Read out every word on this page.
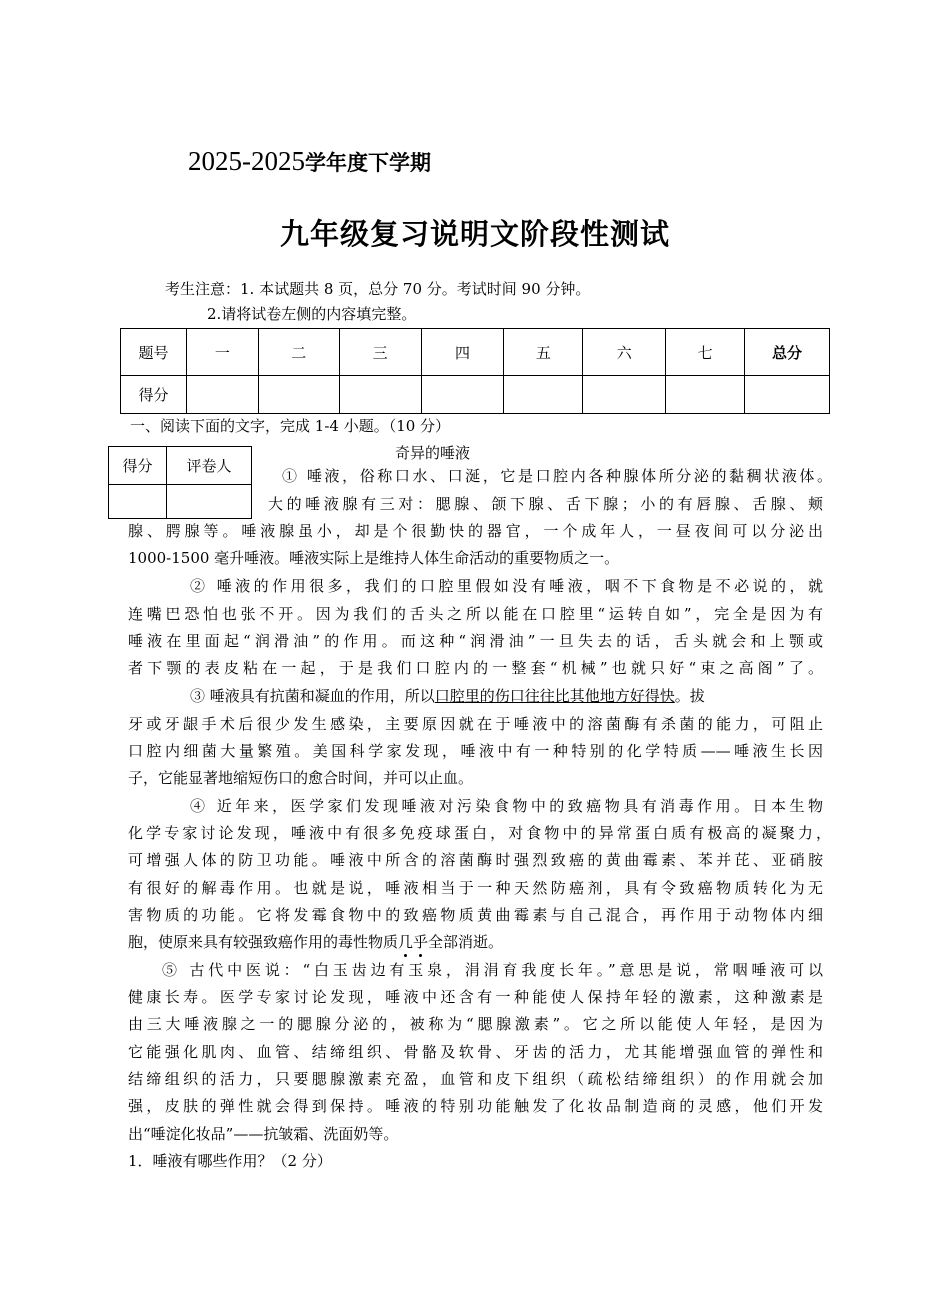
2025-2025学年度下学期
九年级复习说明文阶段性测试
考生注意：1. 本试题共 8 页，总分 70 分。考试时间 90 分钟。
2.请将试卷左侧的内容填完整。
题号	一	二	三	四	五	六	七	总分
得分								
一、阅读下面的文字，完成 1-4 小题。（10 分）
奇异的唾液
得分	评卷人

① 唾液，俗称口水、口涎，它是口腔内各种腺体所分泌的黏稠状液体。
大的唾液腺有三对：腮腺、颌下腺、舌下腺；小的有唇腺、舌腺、颊
腺、腭腺等。唾液腺虽小，却是个很勤快的器官，一个成年人，一昼夜间可以分泌出
1000-1500 毫升唾液。唾液实际上是维持人体生命活动的重要物质之一。
② 唾液的作用很多，我们的口腔里假如没有唾液，咽不下食物是不必说的，就
连嘴巴恐怕也张不开。因为我们的舌头之所以能在口腔里“运转自如”，完全是因为有
唾液在里面起“润滑油”的作用。而这种“润滑油”一旦失去的话，舌头就会和上颚或
者下颚的表皮粘在一起，于是我们口腔内的一整套“机械”也就只好“束之高阁”了。
③ 唾液具有抗菌和凝血的作用，所以口腔里的伤口往往比其他地方好得快。拔
牙或牙龈手术后很少发生感染，主要原因就在于唾液中的溶菌酶有杀菌的能力，可阻止
口腔内细菌大量繁殖。美国科学家发现，唾液中有一种特别的化学特质——唾液生长因
子，它能显著地缩短伤口的愈合时间，并可以止血。
④ 近年来，医学家们发现唾液对污染食物中的致癌物具有消毒作用。日本生物
化学专家讨论发现，唾液中有很多免疫球蛋白，对食物中的异常蛋白质有极高的凝聚力，
可增强人体的防卫功能。唾液中所含的溶菌酶时强烈致癌的黄曲霉素、苯并芘、亚硝胺
有很好的解毒作用。也就是说，唾液相当于一种天然防癌剂，具有令致癌物质转化为无
害物质的功能。它将发霉食物中的致癌物质黄曲霉素与自己混合，再作用于动物体内细
胞，使原来具有较强致癌作用的毒性物质几乎全部消逝。
⑤ 古代中医说：“白玉齿边有玉泉，涓涓育我度长年。”意思是说，常咽唾液可以
健康长寿。医学专家讨论发现，唾液中还含有一种能使人保持年轻的激素，这种激素是
由三大唾液腺之一的腮腺分泌的，被称为“腮腺激素”。它之所以能使人年轻，是因为
它能强化肌肉、血管、结缔组织、骨骼及软骨、牙齿的活力，尤其能增强血管的弹性和
结缔组织的活力，只要腮腺激素充盈，血管和皮下组织（疏松结缔组织）的作用就会加
强，皮肤的弹性就会得到保持。唾液的特别功能触发了化妆品制造商的灵感，他们开发
出“唾淀化妆品”——抗皱霜、洗面奶等。
1．唾液有哪些作用？（2 分）
